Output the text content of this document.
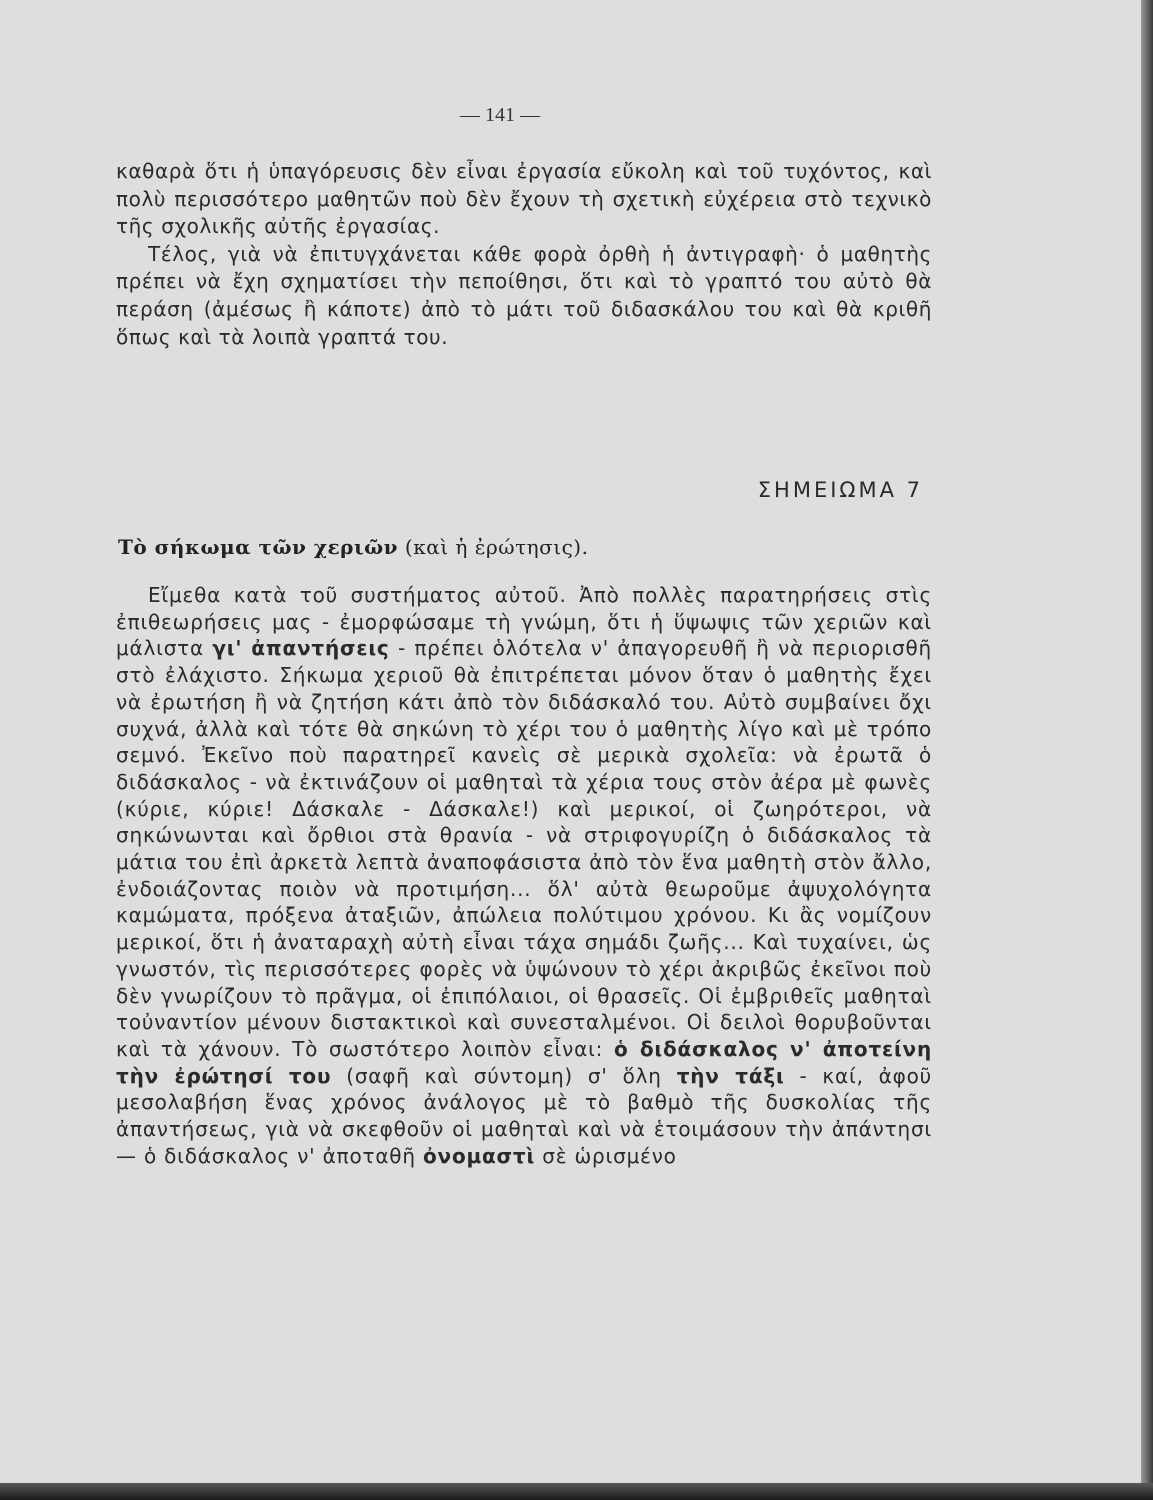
— 141 —

καθαρὰ ὅτι ἡ ὑπαγόρευσις δὲν εἶναι ἐργασία εὔκολη καὶ τοῦ τυχόντος, καὶ πολὺ περισσότερο μαθητῶν ποὺ δὲν ἔχουν τὴ σχετικὴ εὐχέρεια στὸ τεχνικὸ τῆς σχολικῆς αὐτῆς ἐργασίας.

Τέλος, γιὰ νὰ ἐπιτυγχάνεται κάθε φορὰ ὀρθὴ ἡ ἀντιγραφὴ· ὁ μαθητὴς πρέπει νὰ ἔχη σχηματίσει τὴν πεποίθησι, ὅτι καὶ τὸ γραπτό του αὐτὸ θὰ περάση (ἀμέσως ἢ κάποτε) ἀπὸ τὸ μάτι τοῦ διδασκάλου του καὶ θὰ κριθῆ ὅπως καὶ τὰ λοιπὰ γραπτά του.

ΣΗΜΕΙΩΜΑ 7
Τὸ σήκωμα τῶν χεριῶν (καὶ ἡ ἐρώτησις).

Εἴμεθα κατὰ τοῦ συστήματος αὐτοῦ. Ἀπὸ πολλὲς παρατηρήσεις στὶς ἐπιθεωρήσεις μας - ἐμορφώσαμε τὴ γνώμη, ὅτι ἡ ὕψωψις τῶν χεριῶν καὶ μάλιστα γι' ἀπαντήσεις - πρέπει ὁλότελα ν' ἀπαγορευθῆ ἢ νὰ περιορισθῆ στὸ ἐλάχιστο. Σήκωμα χεριοῦ θὰ ἐπιτρέπεται μόνον ὅταν ὁ μαθητὴς ἔχει νὰ ἐρωτήση ἢ νὰ ζητήση κάτι ἀπὸ τὸν διδάσκαλό του. Αὐτὸ συμβαίνει ὄχι συχνά, ἀλλὰ καὶ τότε θὰ σηκώνη τὸ χέρι του ὁ μαθητὴς λίγο καὶ μὲ τρόπο σεμνό. Ἐκεῖνο ποὺ παρατηρεῖ κανεὶς σὲ μερικὰ σχολεῖα: νὰ ἐρωτᾶ ὁ διδάσκαλος - νὰ ἐκτινάζουν οἱ μαθηταὶ τὰ χέρια τους στὸν ἀέρα μὲ φωνὲς (κύριε, κύριε! Δάσκαλε - Δάσκαλε!) καὶ μερικοί, οἱ ζωηρότεροι, νὰ σηκώνωνται καὶ ὄρθιοι στὰ θρανία - νὰ στριφογυρίζη ὁ διδάσκαλος τὰ μάτια του ἐπὶ ἀρκετὰ λεπτὰ ἀναποφάσιστα ἀπὸ τὸν ἕνα μαθητὴ στὸν ἄλλο, ἐνδοιάζοντας ποιὸν νὰ προτιμήση... ὅλ' αὐτὰ θεωροῦμε ἀψυχολόγητα καμώματα, πρόξενα ἀταξιῶν, ἀπώλεια πολύτιμου χρόνου. Κι ἂς νομίζουν μερικοί, ὅτι ἡ ἀναταραχὴ αὐτὴ εἶναι τάχα σημάδι ζωῆς... Καὶ τυχαίνει, ὡς γνωστόν, τὶς περισσότερες φορὲς νὰ ὑψώνουν τὸ χέρι ἀκριβῶς ἐκεῖνοι ποὺ δὲν γνωρίζουν τὸ πρᾶγμα, οἱ ἐπιπόλαιοι, οἱ θρασεῖς. Οἱ ἐμβριθεῖς μαθηταὶ τοὐναντίον μένουν διστακτικοὶ καὶ συνεσταλμένοι. Οἱ δειλοὶ θορυβοῦνται καὶ τὰ χάνουν. Τὸ σωστότερο λοιπὸν εἶναι: ὁ διδάσκαλος ν' ἀποτείνη τὴν ἐρώτησί του (σαφῆ καὶ σύντομη) σ' ὅλη τὴν τάξι - καί, ἀφοῦ μεσολαβήση ἕνας χρόνος ἀνάλογος μὲ τὸ βαθμὸ τῆς δυσκολίας τῆς ἀπαντήσεως, γιὰ νὰ σκεφθοῦν οἱ μαθηταὶ καὶ νὰ ἑτοιμάσουν τὴν ἀπάντησι — ὁ διδάσκαλος ν' ἀποταθῆ ὀνομαστὶ σὲ ὡρισμένο
